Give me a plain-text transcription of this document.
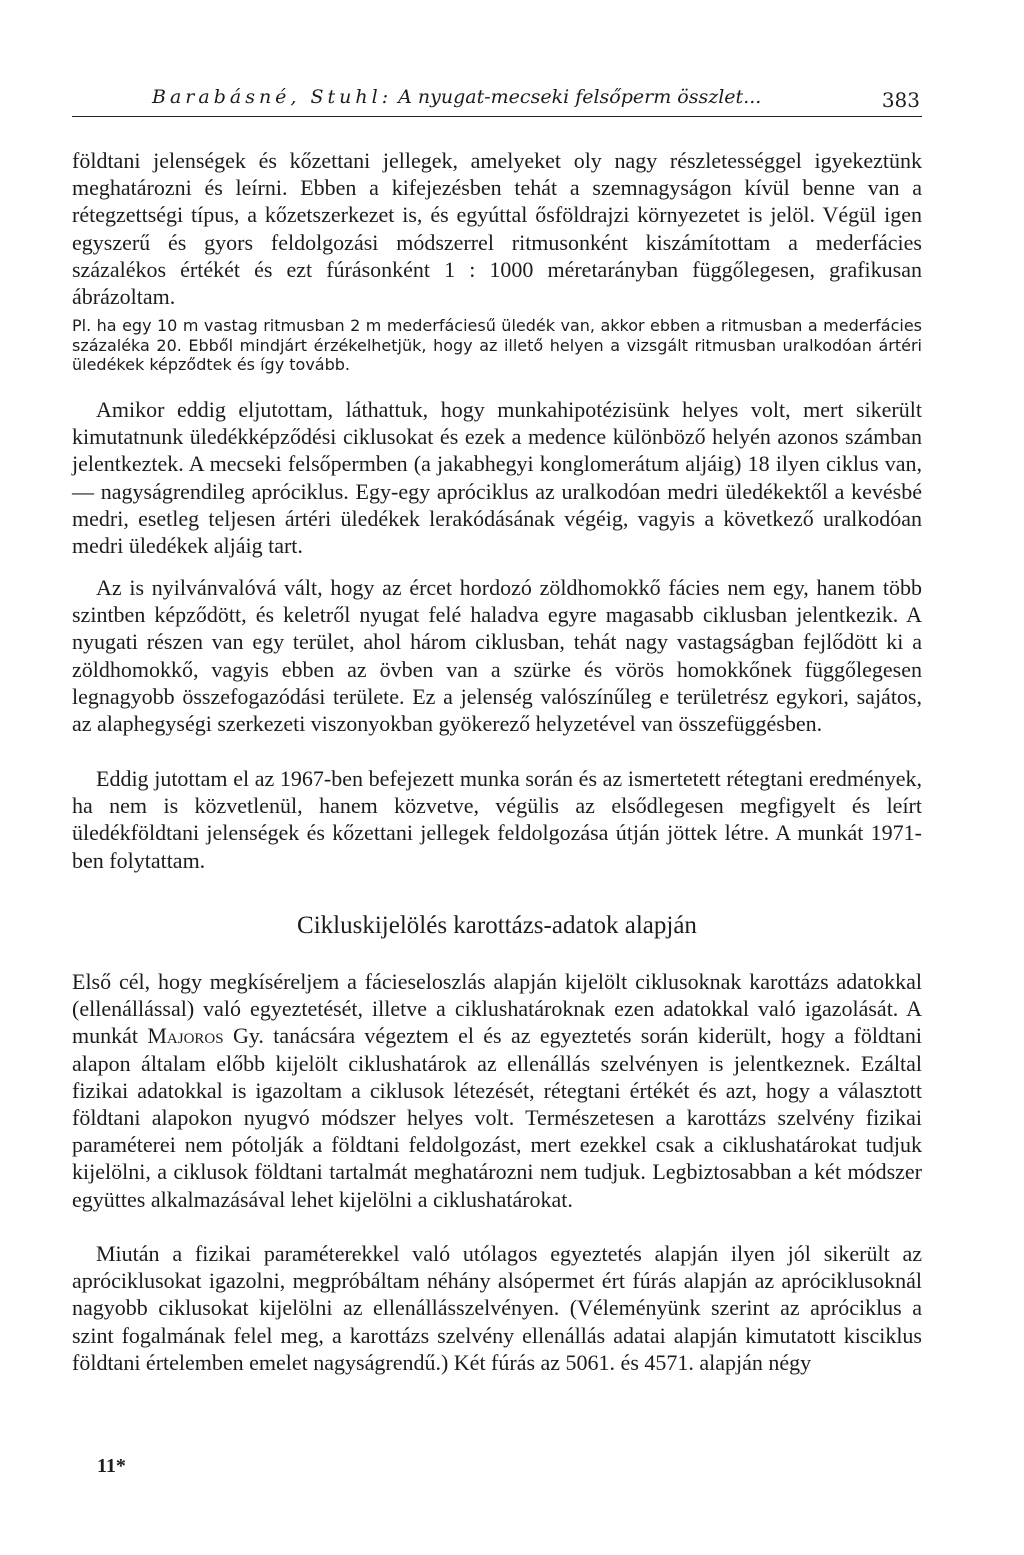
Barabásné, Stuhl: A nyugat-mecseki felsőperm összlet...	383

földtani jelenségek és kőzettani jellegek, amelyeket oly nagy részletességgel igyekeztünk meghatározni és leírni. Ebben a kifejezésben tehát a szemnagyságon kívül benne van a rétegzettségi típus, a kőzetszerkezet is, és egyúttal ősföldrajzi környezetet is jelöl. Végül igen egyszerű és gyors feldolgozási módszerrel ritmusonként kiszámítottam a mederfácies százalékos értékét és ezt fúrásonként 1 : 1000 méretarányban függőlegesen, grafikusan ábrázoltam.

Pl. ha egy 10 m vastag ritmusban 2 m mederfáciesű üledék van, akkor ebben a ritmusban a mederfácies százaléka 20. Ebből mindjárt érzékelhetjük, hogy az illető helyen a vizsgált ritmusban uralkodóan ártéri üledékek képződtek és így tovább.

Amikor eddig eljutottam, láthattuk, hogy munkahipotézisünk helyes volt, mert sikerült kimutatnunk üledékképződési ciklusokat és ezek a medence különböző helyén azonos számban jelentkeztek. A mecseki felsőpermben (a jakabhegyi konglomerátum aljáig) 18 ilyen ciklus van, — nagyságrendileg apróciklus. Egy-egy apróciklus az uralkodóan medri üledékektől a kevésbé medri, esetleg teljesen ártéri üledékek lerakódásának végéig, vagyis a következő uralkodóan medri üledékek aljáig tart.

Az is nyilvánvalóvá vált, hogy az ércet hordozó zöldhomokkő fácies nem egy, hanem több szintben képződött, és keletről nyugat felé haladva egyre magasabb ciklusban jelentkezik. A nyugati részen van egy terület, ahol három ciklusban, tehát nagy vastagságban fejlődött ki a zöldhomokkő, vagyis ebben az övben van a szürke és vörös homokkőnek függőlegesen legnagyobb összefogazódási területe. Ez a jelenség valószínűleg e területrész egykori, sajátos, az alaphegységi szerkezeti viszonyokban gyökerező helyzetével van összefüggésben.

Eddig jutottam el az 1967-ben befejezett munka során és az ismertetett rétegtani eredmények, ha nem is közvetlenül, hanem közvetve, végülis az elsődlegesen megfigyelt és leírt üledékföldtani jelenségek és kőzettani jellegek feldolgozása útján jöttek létre. A munkát 1971-ben folytattam.

Cikluskijelölés karottázs-adatok alapján

Első cél, hogy megkíséreljem a fácieseloszlás alapján kijelölt ciklusoknak karottázs adatokkal (ellenállással) való egyeztetését, illetve a ciklushatároknak ezen adatokkal való igazolását. A munkát Majoros Gy. tanácsára végeztem el és az egyeztetés során kiderült, hogy a földtani alapon általam előbb kijelölt ciklushatárok az ellenállás szelvényen is jelentkeznek. Ezáltal fizikai adatokkal is igazoltam a ciklusok létezését, rétegtani értékét és azt, hogy a választott földtani alapokon nyugvó módszer helyes volt. Természetesen a karottázs szelvény fizikai paraméterei nem pótolják a földtani feldolgozást, mert ezekkel csak a ciklushatárokat tudjuk kijelölni, a ciklusok földtani tartalmát meghatározni nem tudjuk. Legbiztosabban a két módszer együttes alkalmazásával lehet kijelölni a ciklushatárokat.

Miután a fizikai paraméterekkel való utólagos egyeztetés alapján ilyen jól sikerült az apróciklusokat igazolni, megpróbáltam néhány alsópermet ért fúrás alapján az apróciklusoknál nagyobb ciklusokat kijelölni az ellenállásszelvényen. (Véleményünk szerint az apróciklus a szint fogalmának felel meg, a karottázs szelvény ellenállás adatai alapján kimutatott kisciklus földtani értelemben emelet nagyságrendű.) Két fúrás az 5061. és 4571. alapján négy

11*
